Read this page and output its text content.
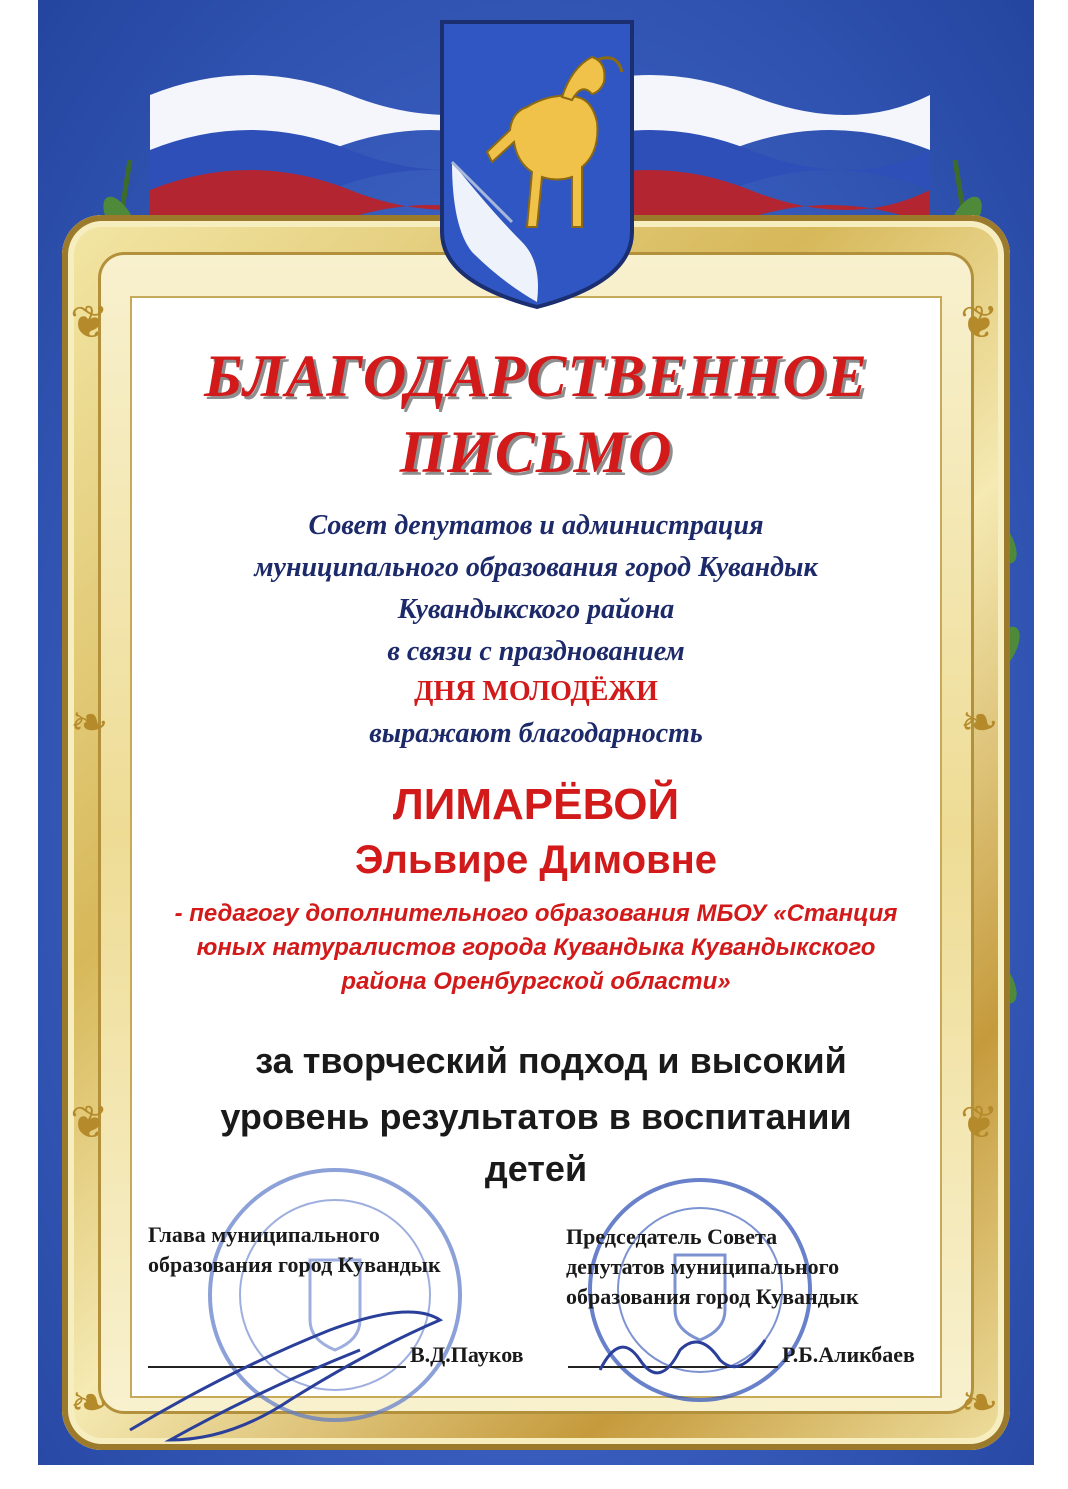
❦	❦
❧	❧
❦	❦
❧	❧
БЛАГОДАРСТВЕННОЕ
ПИСЬМО
Совет депутатов и администрация
муниципального образования город Кувандык
Кувандыкского района
в связи с празднованием
ДНЯ МОЛОДЁЖИ
выражают благодарность
ЛИМАРЁВОЙ
Эльвире Димовне
- педагогу дополнительного образования МБОУ «Станция
юных натуралистов города Кувандыка Кувандыкского
района Оренбургской области»
за творческий подход и высокий
уровень результатов в воспитании
детей
Глава муниципального
образования город Кувандык
В.Д.Пауков
Председатель Совета
депутатов муниципального
образования город Кувандык
Р.Б.Аликбаев
